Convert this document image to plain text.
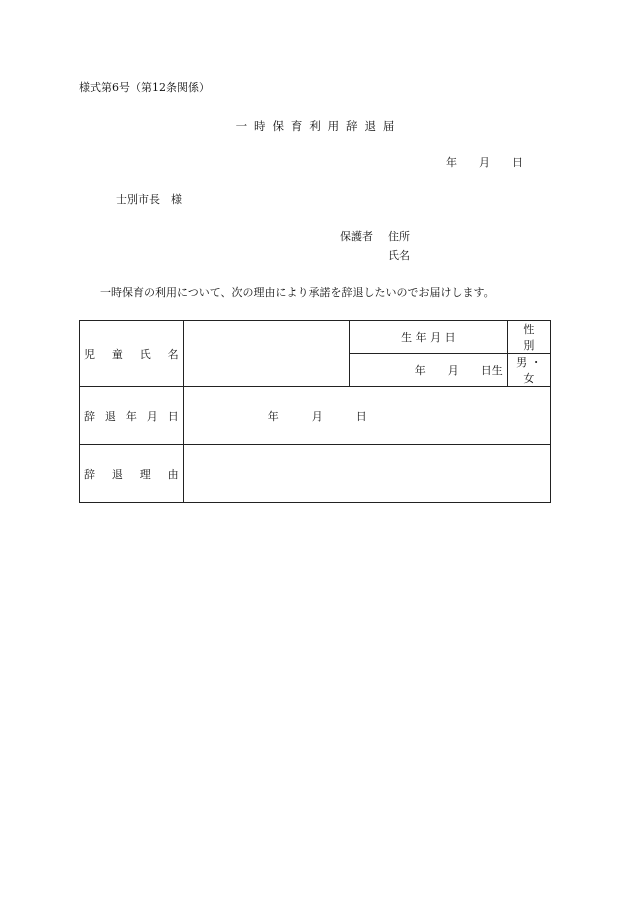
様式第6号（第12条関係）
一時保育利用辞退届
年　　月　　日
士別市長　様
保護者 住所
氏名
一時保育の利用について、次の理由により承諾を辞退したいのでお届けします。
児 童 氏 名		生 年 月 日	性　　別
		年　　月　　日生	男 ・ 女

辞 退 年 月 日	年　　　月　　　日		

辞 退 理 由			
